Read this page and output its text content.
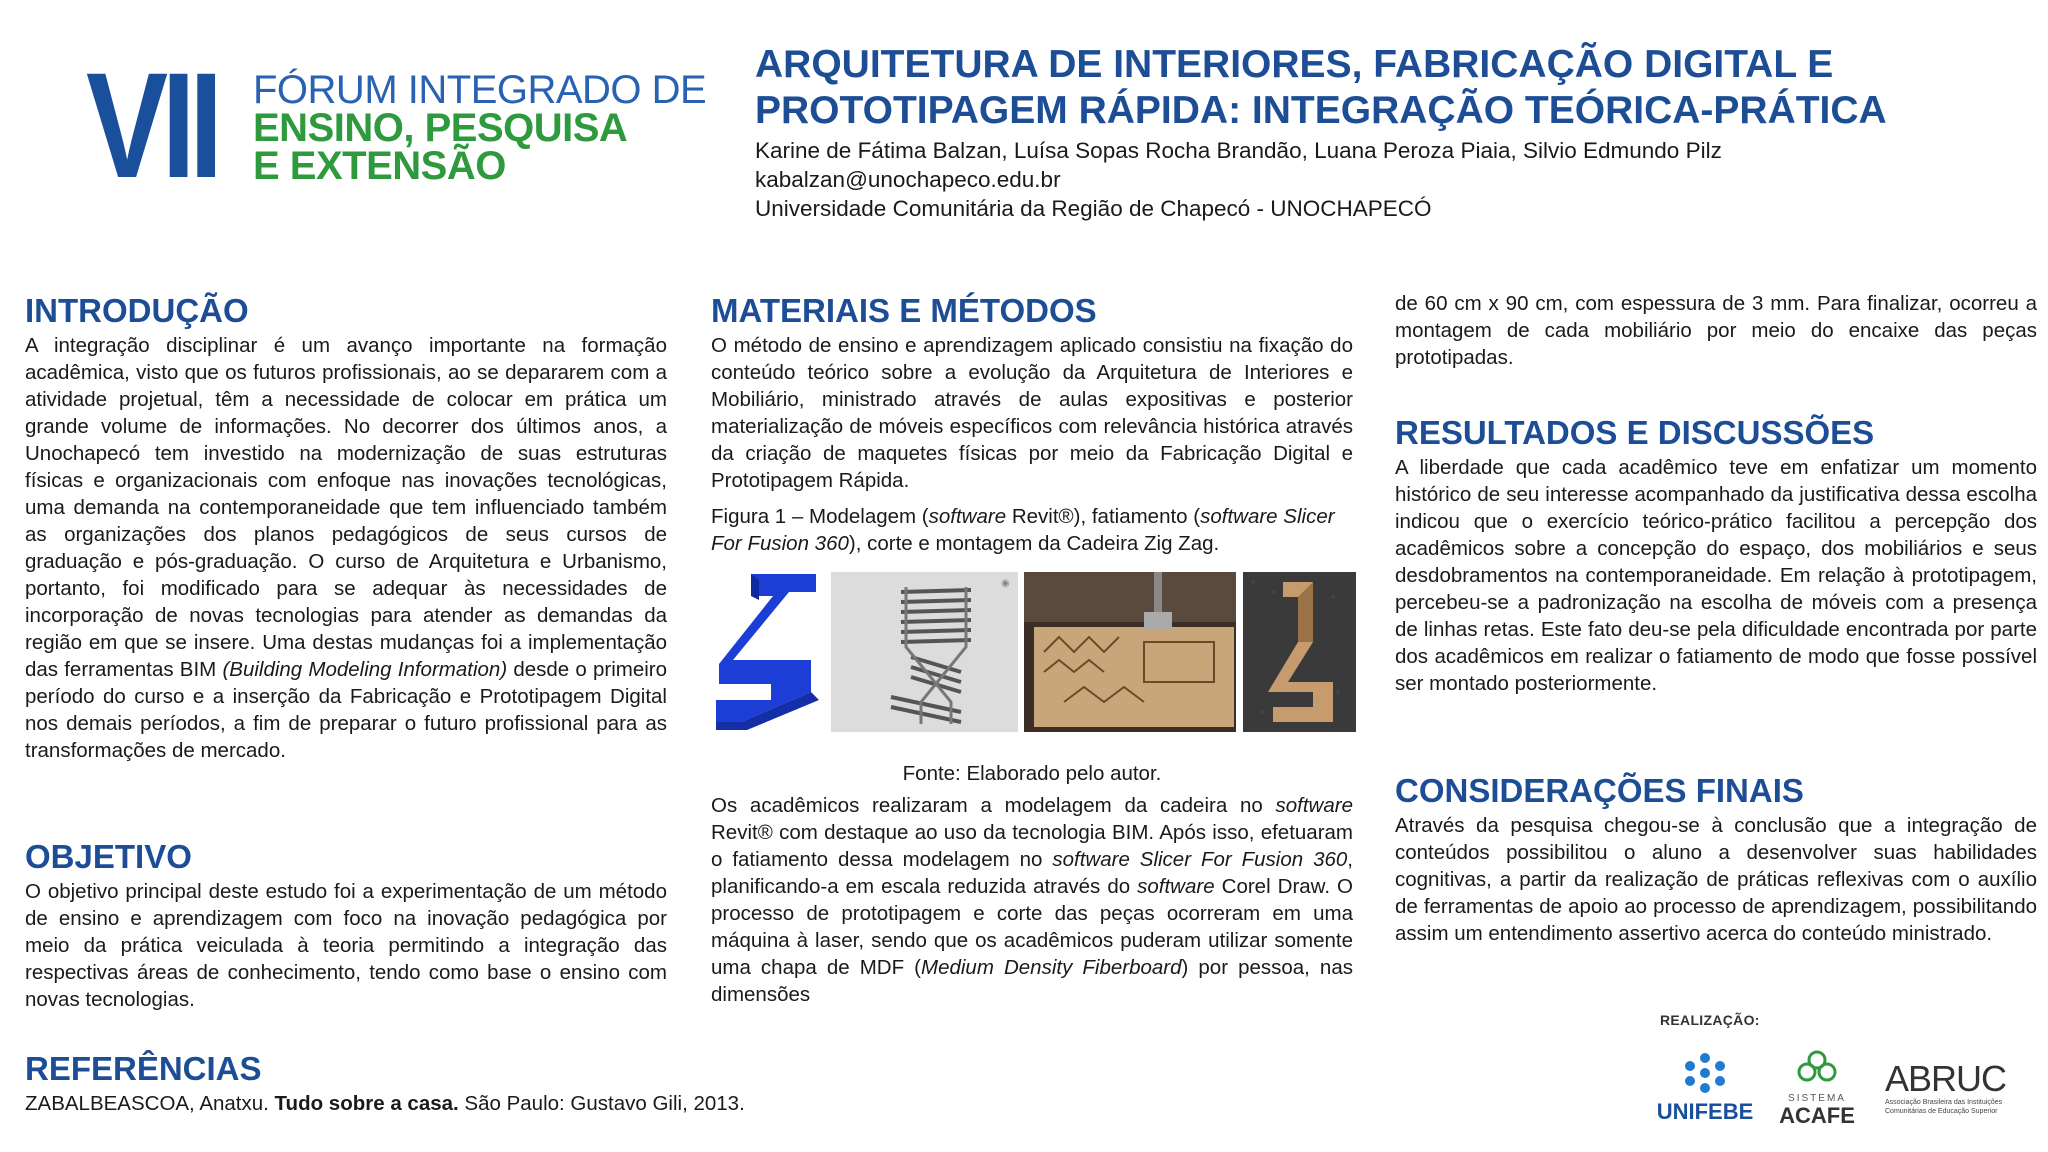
VII FÓRUM INTEGRADO DE
ENSINO, PESQUISA
E EXTENSÃO
ARQUITETURA DE INTERIORES, FABRICAÇÃO DIGITAL E PROTOTIPAGEM RÁPIDA: INTEGRAÇÃO TEÓRICA-PRÁTICA
Karine de Fátima Balzan, Luísa Sopas Rocha Brandão, Luana Peroza Piaia, Silvio Edmundo Pilz
kabalzan@unochapeco.edu.br
Universidade Comunitária da Região de Chapecó - UNOCHAPECÓ
INTRODUÇÃO

A integração disciplinar é um avanço importante na formação acadêmica, visto que os futuros profissionais, ao se depararem com a atividade projetual, têm a necessidade de colocar em prática um grande volume de informações. No decorrer dos últimos anos, a Unochapecó tem investido na modernização de suas estruturas físicas e organizacionais com enfoque nas inovações tecnológicas, uma demanda na contemporaneidade que tem influenciado também as organizações dos planos pedagógicos de seus cursos de graduação e pós-graduação. O curso de Arquitetura e Urbanismo, portanto, foi modificado para se adequar às necessidades de incorporação de novas tecnologias para atender as demandas da região em que se insere. Uma destas mudanças foi a implementação das ferramentas BIM (Building Modeling Information) desde o primeiro período do curso e a inserção da Fabricação e Prototipagem Digital nos demais períodos, a fim de preparar o futuro profissional para as transformações de mercado.

OBJETIVO

O objetivo principal deste estudo foi a experimentação de um método de ensino e aprendizagem com foco na inovação pedagógica por meio da prática veiculada à teoria permitindo a integração das respectivas áreas de conhecimento, tendo como base o ensino com novas tecnologias.

REFERÊNCIAS

ZABALBEASCOA, Anatxu. Tudo sobre a casa. São Paulo: Gustavo Gili, 2013.

MATERIAIS E MÉTODOS

O método de ensino e aprendizagem aplicado consistiu na fixação do conteúdo teórico sobre a evolução da Arquitetura de Interiores e Mobiliário, ministrado através de aulas expositivas e posterior materialização de móveis específicos com relevância histórica através da criação de maquetes físicas por meio da Fabricação Digital e Prototipagem Rápida.

Figura 1 – Modelagem (software Revit®), fatiamento (software Slicer For Fusion 360), corte e montagem da Cadeira Zig Zag.
◉
Fonte: Elaborado pelo autor.

Os acadêmicos realizaram a modelagem da cadeira no software Revit® com destaque ao uso da tecnologia BIM. Após isso, efetuaram o fatiamento dessa modelagem no software Slicer For Fusion 360, planificando-a em escala reduzida através do software Corel Draw. O processo de prototipagem e corte das peças ocorreram em uma máquina à laser, sendo que os acadêmicos puderam utilizar somente uma chapa de MDF (Medium Density Fiberboard) por pessoa, nas dimensões

de 60 cm x 90 cm, com espessura de 3 mm. Para finalizar, ocorreu a montagem de cada mobiliário por meio do encaixe das peças prototipadas.

RESULTADOS E DISCUSSÕES

A liberdade que cada acadêmico teve em enfatizar um momento histórico de seu interesse acompanhado da justificativa dessa escolha indicou que o exercício teórico-prático facilitou a percepção dos acadêmicos sobre a concepção do espaço, dos mobiliários e seus desdobramentos na contemporaneidade. Em relação à prototipagem, percebeu-se a padronização na escolha de móveis com a presença de linhas retas. Este fato deu-se pela dificuldade encontrada por parte dos acadêmicos em realizar o fatiamento de modo que fosse possível ser montado posteriormente.

CONSIDERAÇÕES FINAIS

Através da pesquisa chegou-se à conclusão que a integração de conteúdos possibilitou o aluno a desenvolver suas habilidades cognitivas, a partir da realização de práticas reflexivas com o auxílio de ferramentas de apoio ao processo de aprendizagem, possibilitando assim um entendimento assertivo acerca do conteúdo ministrado.

REALIZAÇÃO:
UNIFEBE
SISTEMA
ACAFE
ABRUC
Associação Brasileira das Instituições
Comunitárias de Educação Superior
